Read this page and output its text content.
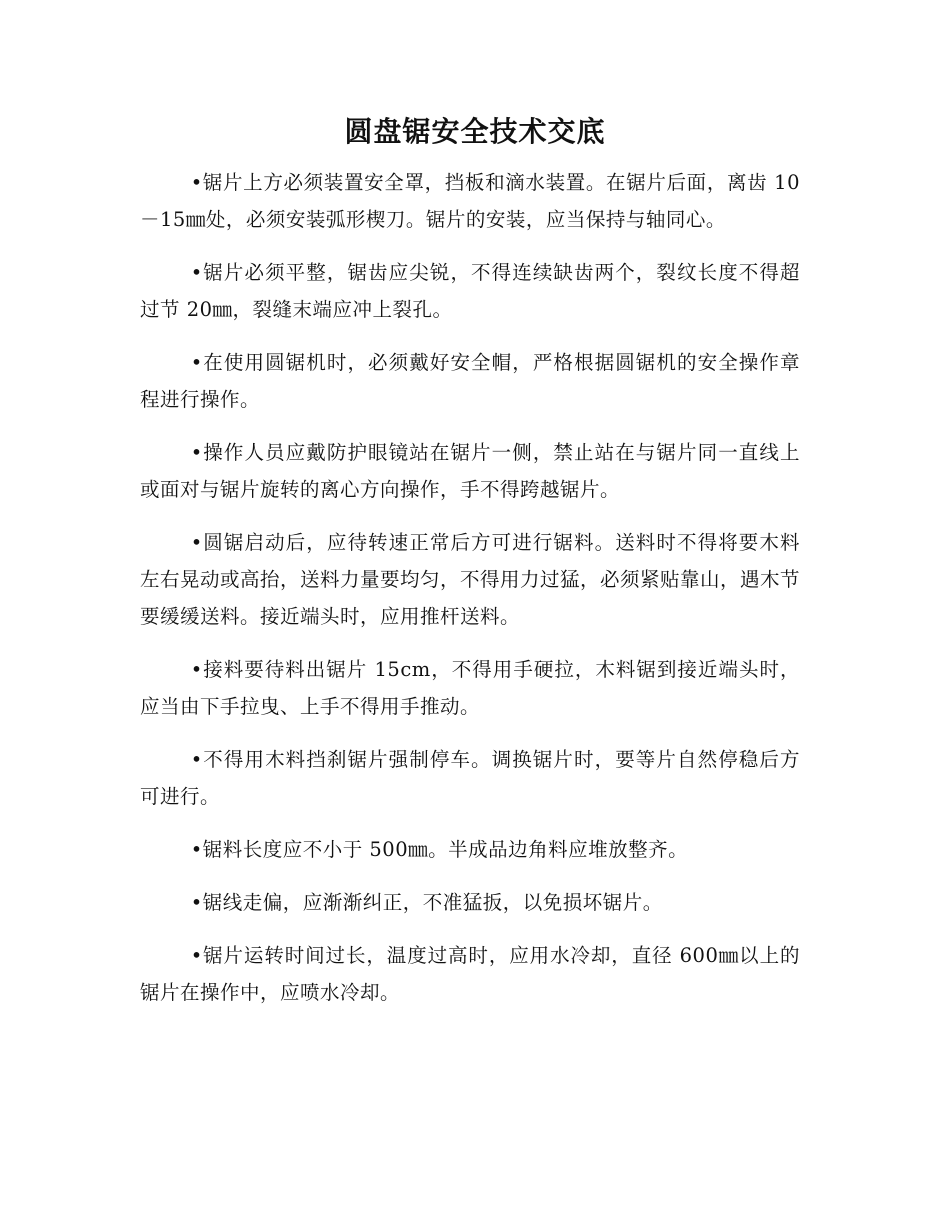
圆盘锯安全技术交底

•锯片上方必须装置安全罩，挡板和滴水装置。在锯片后面，离齿 10－15㎜处，必须安装弧形楔刀。锯片的安装，应当保持与轴同心。

•锯片必须平整，锯齿应尖锐，不得连续缺齿两个，裂纹长度不得超过节 20㎜，裂缝末端应冲上裂孔。

•在使用圆锯机时，必须戴好安全帽，严格根据圆锯机的安全操作章程进行操作。

•操作人员应戴防护眼镜站在锯片一侧，禁止站在与锯片同一直线上或面对与锯片旋转的离心方向操作，手不得跨越锯片。

•圆锯启动后，应待转速正常后方可进行锯料。送料时不得将要木料左右晃动或高抬，送料力量要均匀，不得用力过猛，必须紧贴靠山，遇木节要缓缓送料。接近端头时，应用推杆送料。

•接料要待料出锯片 15cm，不得用手硬拉，木料锯到接近端头时，应当由下手拉曳、上手不得用手推动。

•不得用木料挡刹锯片强制停车。调换锯片时，要等片自然停稳后方可进行。

•锯料长度应不小于 500㎜。半成品边角料应堆放整齐。

•锯线走偏，应渐渐纠正，不准猛扳，以免损坏锯片。

•锯片运转时间过长，温度过高时，应用水冷却，直径 600㎜以上的锯片在操作中，应喷水冷却。
